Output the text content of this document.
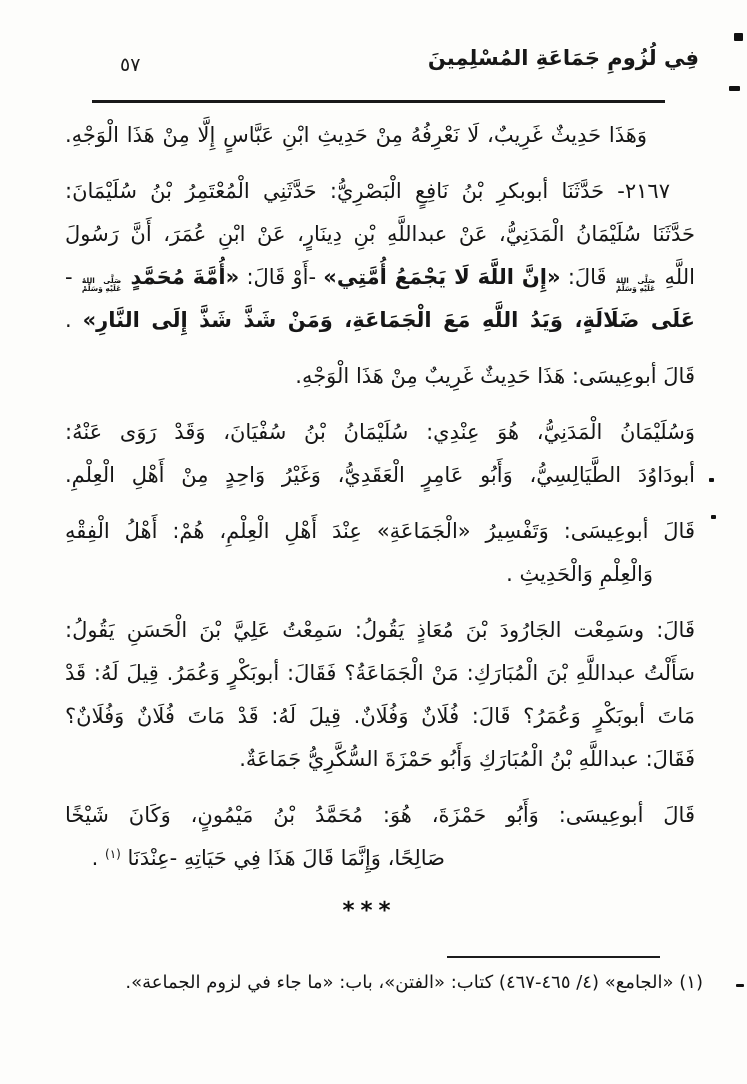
فِي لُزُومِ جَمَاعَةِ المُسْلِمِينَ
٥٧
وَهَذَا حَدِيثٌ غَرِيبٌ، لَا نَعْرِفُهُ مِنْ حَدِيثِ ابْنِ عَبَّاسٍ إِلَّا مِنْ هَذَا الْوَجْهِ.
٢١٦٧- حَدَّثَنَا أبوبكرِ بْنُ نَافِعٍ الْبَصْرِيُّ: حَدَّثَنِي الْمُعْتَمِرُ بْنُ سُلَيْمَانَ:
حَدَّثَنَا سُلَيْمَانُ الْمَدَنِيُّ، عَنْ عبداللَّهِ بْنِ دِينَارٍ، عَنْ ابْنِ عُمَرَ، أَنَّ رَسُولَ
اللَّهِ
صَلَّى اللهُ
عَلَيْهِ وَسَلَّمْ
قَالَ: «إِنَّ اللَّهَ لَا يَجْمَعُ أُمَّتِي» -أَوْ قَالَ: «أُمَّةَ مُحَمَّدٍ
صَلَّى اللهُ
عَلَيْهِ وَسَلَّمْ
-
عَلَى ضَلَالَةٍ، وَيَدُ اللَّهِ مَعَ الْجَمَاعَةِ، وَمَنْ شَذَّ شَذَّ إِلَى النَّارِ» .
قَالَ أبوعِيسَى: هَذَا حَدِيثٌ غَرِيبٌ مِنْ هَذَا الْوَجْهِ.
وَسُلَيْمَانُ الْمَدَنِيُّ، هُوَ عِنْدِي: سُلَيْمَانُ بْنُ سُفْيَانَ، وَقَدْ رَوَى عَنْهُ:
أبودَاوُدَ الطَّيَالِسِيُّ، وَأَبُو عَامِرٍ الْعَقَدِيُّ، وَغَيْرُ وَاحِدٍ مِنْ أَهْلِ الْعِلْمِ.
قَالَ أبوعِيسَى: وَتَفْسِيرُ «الْجَمَاعَةِ» عِنْدَ أَهْلِ الْعِلْمِ، هُمْ: أَهْلُ الْفِقْهِ
وَالْعِلْمِ وَالْحَدِيثِ .
قَالَ: وسَمِعْت الجَارُودَ بْنَ مُعَاذٍ يَقُولُ: سَمِعْتُ عَلِيَّ بْنَ الْحَسَنِ يَقُولُ:
سَأَلْتُ عبداللَّهِ بْنَ الْمُبَارَكِ: مَنْ الْجَمَاعَةُ؟ فَقَالَ: أبوبَكْرٍ وَعُمَرُ. قِيلَ لَهُ: قَدْ
مَاتَ أبوبَكْرٍ وَعُمَرُ؟ قَالَ: فُلَانٌ وَفُلَانٌ. قِيلَ لَهُ: قَدْ مَاتَ فُلَانٌ وَفُلَانٌ؟
فَقَالَ: عبداللَّهِ بْنُ الْمُبَارَكِ وَأَبُو حَمْزَةَ السُّكَّرِيُّ جَمَاعَةٌ.
قَالَ أبوعِيسَى: وَأَبُو حَمْزَةَ، هُوَ: مُحَمَّدُ بْنُ مَيْمُونٍ، وَكَانَ شَيْخًا
صَالِحًا، وَإِنَّمَا قَالَ هَذَا فِي حَيَاتِهِ -عِنْدَنَا $^{(١)}$ .
***
(١) «الجامع» (٤/ ٤٦٥-٤٦٧) كتاب: «الفتن»، باب: «ما جاء في لزوم الجماعة».
